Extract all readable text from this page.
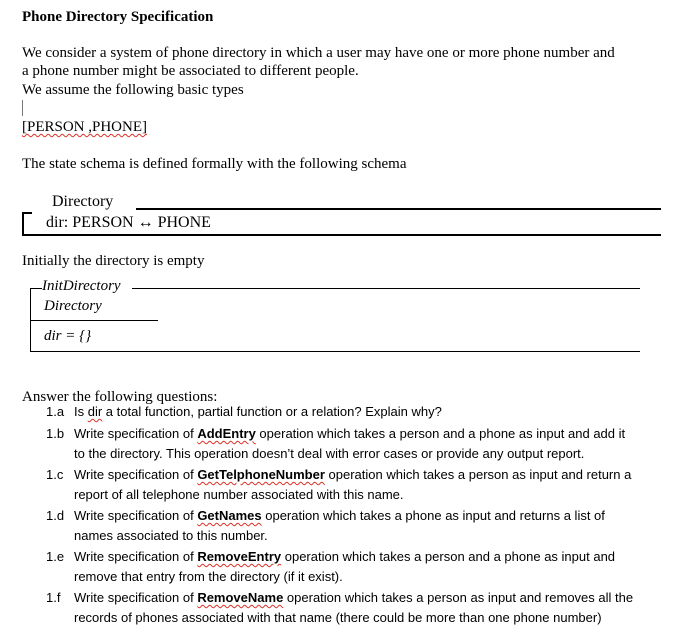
Phone Directory Specification
We consider a system of phone directory in which a user may have one or more phone number and
a phone number might be associated to different people.
We assume the following basic types
[PERSON ,PHONE]
The state schema is defined formally with the following schema
Directory
dir: PERSON ↔ PHONE
Initially the directory is empty
InitDirectory
Directory
dir = {}
Answer the following questions:
1.a Is dir a total function, partial function or a relation? Explain why?
1.b Write specification of AddEntry operation which takes a person and a phone as input and add it
to the directory. This operation doesn’t deal with error cases or provide any output report.
1.c Write specification of GetTelphoneNumber operation which takes a person as input and return a
report of all telephone number associated with this name.
1.d Write specification of GetNames operation which takes a phone as input and returns a list of
names associated to this number.
1.e Write specification of RemoveEntry operation which takes a person and a phone as input and
remove that entry from the directory (if it exist).
1.f Write specification of RemoveName operation which takes a person as input and removes all the
records of phones associated with that name (there could be more than one phone number)
